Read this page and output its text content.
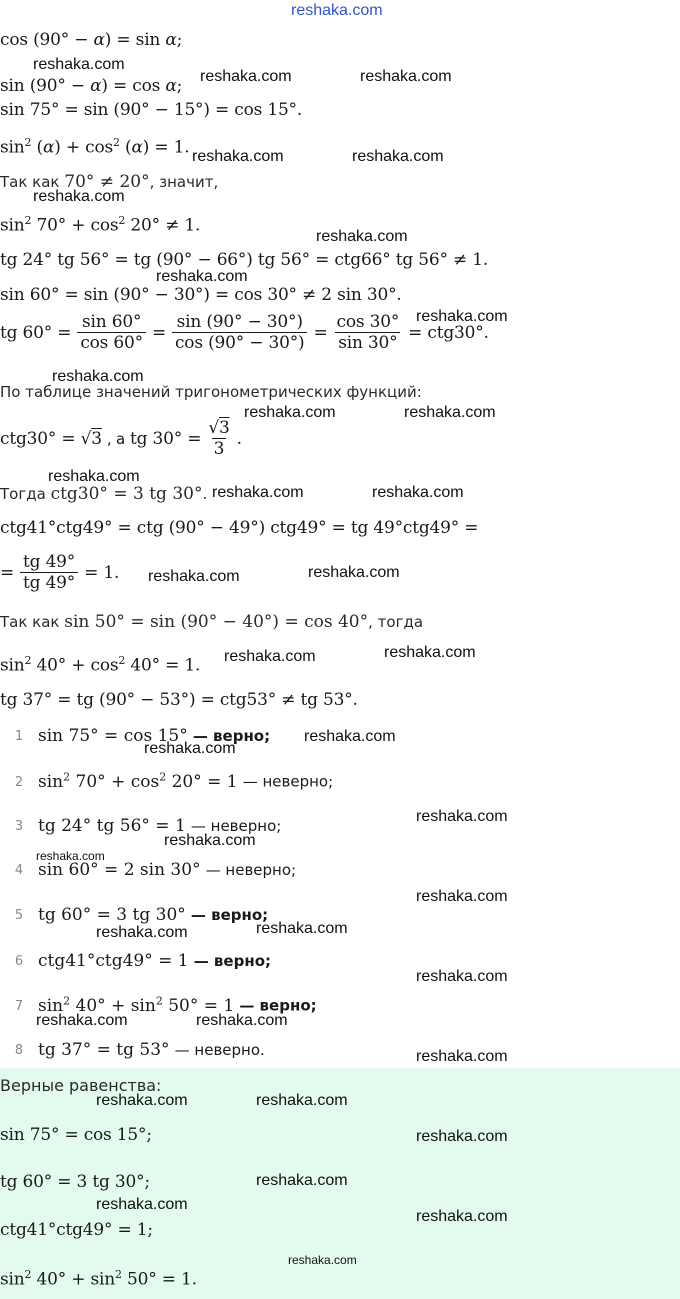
reshaka.com
cos (90° − α) = sin α;
reshaka.com
sin (90° − α) = cos α; reshaka.com	reshaka.com
sin 75° = sin (90° − 15°) = cos 15°.
$\sin^2 (\alpha) + \cos^2 (\alpha) = 1$. reshaka.com	reshaka.com
Так как 70° ≠ 20°, значит,
reshaka.com
$\sin^2 70^\circ + \cos^2 20^\circ \ne 1$.
reshaka.com
tg 24° tg 56° = tg (90° − 66°) tg 56° = ctg66° tg 56° ≠ 1.
reshaka.com
sin 60° = sin (90° − 30°) = cos 30° ≠ 2 sin 30°.
tg $60^\circ = \frac{\sin 60^\circ}{\cos 60^\circ} = \frac{\sin (90^\circ - 30^\circ)}{\cos (90^\circ - 30^\circ)} = \frac{\cos 30^\circ}{\sin 30^\circ} = ctg30^\circ$.
reshaka.com
reshaka.com
По таблице значений тригонометрических функций:
reshaka.com	reshaka.com
ctg30° = √3 , а tg $30^\circ = \frac{√3}{3}$ .
reshaka.com
Тогда ctg30° = 3 tg 30°. reshaka.com	reshaka.com
ctg41°ctg49° = ctg (90° − 49°) ctg49° = tg 49°ctg49° =
= $\frac{tg 49^\circ}{tg 49^\circ} = 1$. reshaka.com	reshaka.com
Так как sin 50° = sin (90° − 40°) = cos 40°, тогда
$\sin^2 40^\circ + \cos^2 40^\circ = 1$. reshaka.com	reshaka.com
tg 37° = tg (90° − 53°) = ctg53° ≠ tg 53°.
1 sin 75° = cos 15° — верно; reshaka.com
reshaka.com
2 $\sin^2 70^\circ + \cos^2 20^\circ = 1$ — неверно;
3 tg 24° tg 56° = 1 — неверно;
reshaka.com
reshaka.com
reshaka.com
4 sin 60° = 2 sin 30° — неверно;
reshaka.com
5 tg 60° = 3 tg 30° — верно;
reshaka.com	reshaka.com
6 ctg41°ctg49° = 1 — верно;
reshaka.com
7 $\sin^2 40^\circ + \sin^2 50^\circ = 1$ — верно;
reshaka.com	reshaka.com
8 tg 37° = tg 53° — неверно.	reshaka.com
Верные равенства:
reshaka.com	reshaka.com
sin 75° = cos 15°;	reshaka.com
tg 60° = 3 tg 30°;	reshaka.com
reshaka.com
ctg41°ctg49° = 1;
reshaka.com
reshaka.com
$\sin^2 40^\circ + \sin^2 50^\circ = 1$.
